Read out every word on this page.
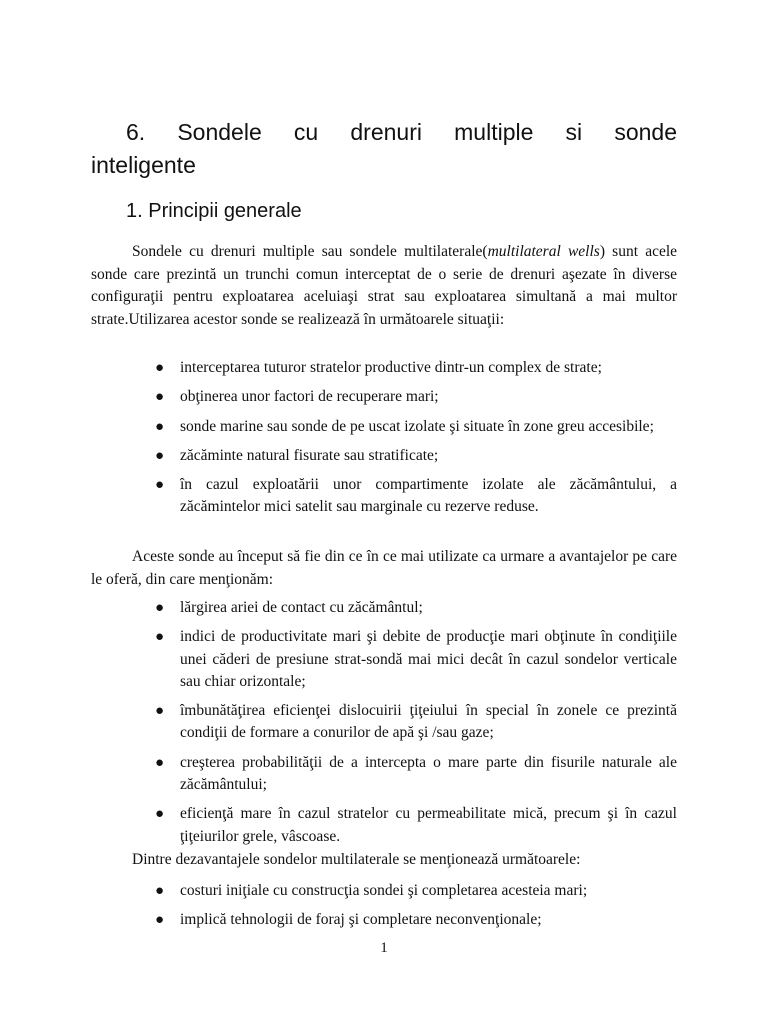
6. Sondele cu drenuri multiple si sonde
inteligente
1. Principii generale

Sondele cu drenuri multiple sau sondele multilaterale(multilateral wells) sunt acele sonde care prezintă un trunchi comun interceptat de o serie de drenuri aşezate în diverse configuraţii pentru exploatarea aceluiaşi strat sau exploatarea simultană a mai multor strate.Utilizarea acestor sonde se realizează în următoarele situaţii:

● interceptarea tuturor stratelor productive dintr-un complex de strate;
● obţinerea unor factori de recuperare mari;
● sonde marine sau sonde de pe uscat izolate şi situate în zone greu accesibile;
● zăcăminte natural fisurate sau stratificate;
● în cazul exploatării unor compartimente izolate ale zăcământului, a zăcămintelor mici satelit sau marginale cu rezerve reduse.

Aceste sonde au început să fie din ce în ce mai utilizate ca urmare a avantajelor pe care le oferă, din care menţionăm:

● lărgirea ariei de contact cu zăcământul;
● indici de productivitate mari şi debite de producţie mari obţinute în condiţiile unei căderi de presiune strat-sondă mai mici decât în cazul sondelor verticale sau chiar orizontale;
● îmbunătăţirea eficienţei dislocuirii ţiţeiului în special în zonele ce prezintă condiţii de formare a conurilor de apă şi /sau gaze;
● creşterea probabilităţii de a intercepta o mare parte din fisurile naturale ale zăcământului;
● eficienţă mare în cazul stratelor cu permeabilitate mică, precum şi în cazul ţiţeiurilor grele, vâscoase.

Dintre dezavantajele sondelor multilaterale se menţionează următoarele:

● costuri iniţiale cu construcţia sondei şi completarea acesteia mari;
● implică tehnologii de foraj şi completare neconvenţionale;
1
